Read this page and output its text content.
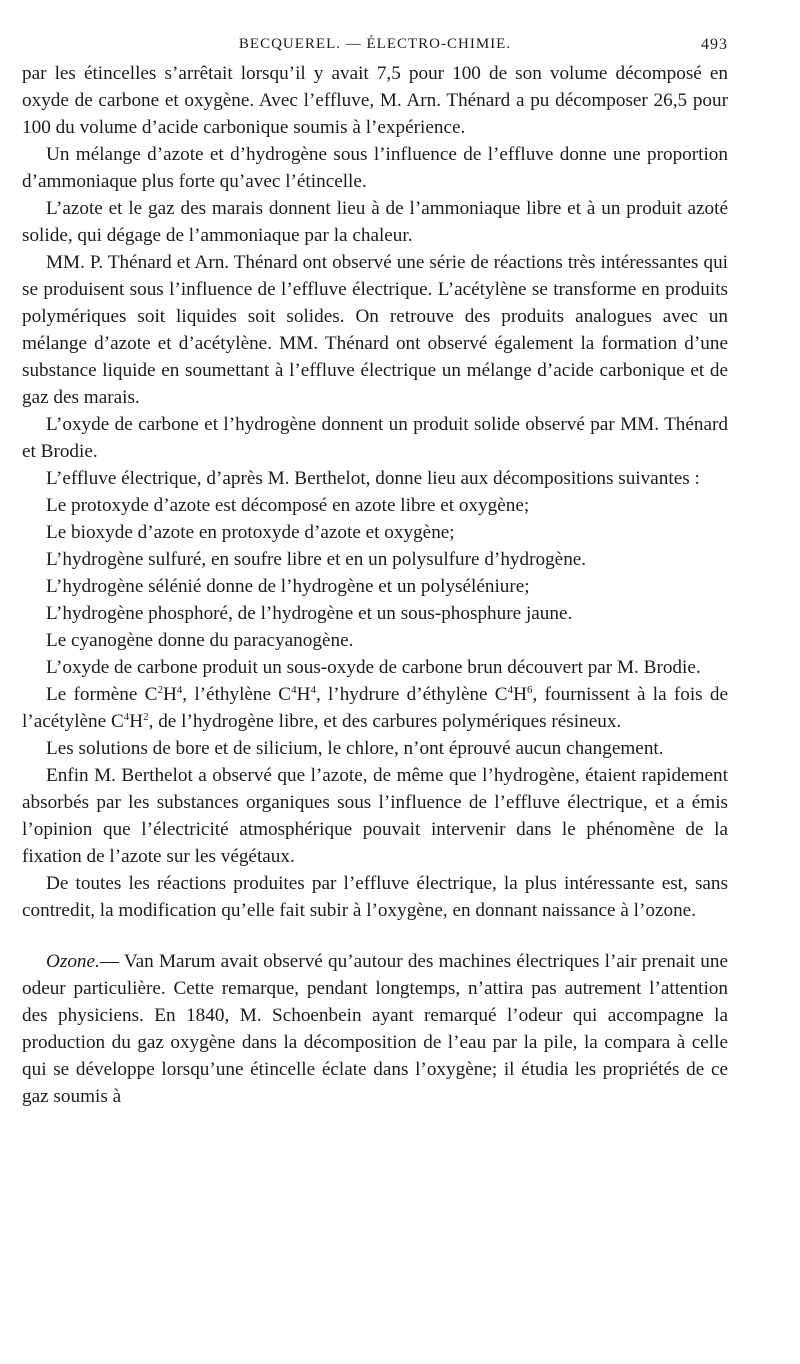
BECQUEREL. — ÉLECTRO-CHIMIE.	493

par les étincelles s’arrêtait lorsqu’il y avait 7,5 pour 100 de son volume décomposé en oxyde de carbone et oxygène. Avec l’effluve, M. Arn. Thénard a pu décomposer 26,5 pour 100 du volume d’acide carbonique soumis à l’expérience.

Un mélange d’azote et d’hydrogène sous l’influence de l’effluve donne une proportion d’ammoniaque plus forte qu’avec l’étincelle.

L’azote et le gaz des marais donnent lieu à de l’ammoniaque libre et à un produit azoté solide, qui dégage de l’ammoniaque par la chaleur.

MM. P. Thénard et Arn. Thénard ont observé une série de réactions très intéressantes qui se produisent sous l’influence de l’effluve électrique. L’acétylène se transforme en produits polymériques soit liquides soit solides. On retrouve des produits analogues avec un mélange d’azote et d’acétylène. MM. Thénard ont observé également la formation d’une substance liquide en soumettant à l’effluve électrique un mélange d’acide carbonique et de gaz des marais.

L’oxyde de carbone et l’hydrogène donnent un produit solide observé par MM. Thénard et Brodie.

L’effluve électrique, d’après M. Berthelot, donne lieu aux décompositions suivantes :

Le protoxyde d’azote est décomposé en azote libre et oxygène;

Le bioxyde d’azote en protoxyde d’azote et oxygène;

L’hydrogène sulfuré, en soufre libre et en un polysulfure d’hydrogène.

L’hydrogène sélénié donne de l’hydrogène et un polyséléniure;

L’hydrogène phosphoré, de l’hydrogène et un sous-phosphure jaune.

Le cyanogène donne du paracyanogène.

L’oxyde de carbone produit un sous-oxyde de carbone brun découvert par M. Brodie.

Le formène $C^2H^4$, l’éthylène $C^4H^4$, l’hydrure d’éthylène $C^4H^6$, fournissent à la fois de l’acétylène $C^4H^2$, de l’hydrogène libre, et des carbures polymériques résineux.

Les solutions de bore et de silicium, le chlore, n’ont éprouvé aucun changement.

Enfin M. Berthelot a observé que l’azote, de même que l’hydrogène, étaient rapidement absorbés par les substances organiques sous l’influence de l’effluve électrique, et a émis l’opinion que l’électricité atmosphérique pouvait intervenir dans le phénomène de la fixation de l’azote sur les végétaux.

De toutes les réactions produites par l’effluve électrique, la plus intéressante est, sans contredit, la modification qu’elle fait subir à l’oxygène, en donnant naissance à l’ozone.

Ozone.— Van Marum avait observé qu’autour des machines électriques l’air prenait une odeur particulière. Cette remarque, pendant longtemps, n’attira pas autrement l’attention des physiciens. En 1840, M. Schoenbein ayant remarqué l’odeur qui accompagne la production du gaz oxygène dans la décomposition de l’eau par la pile, la compara à celle qui se développe lorsqu’une étincelle éclate dans l’oxygène; il étudia les propriétés de ce gaz soumis à
